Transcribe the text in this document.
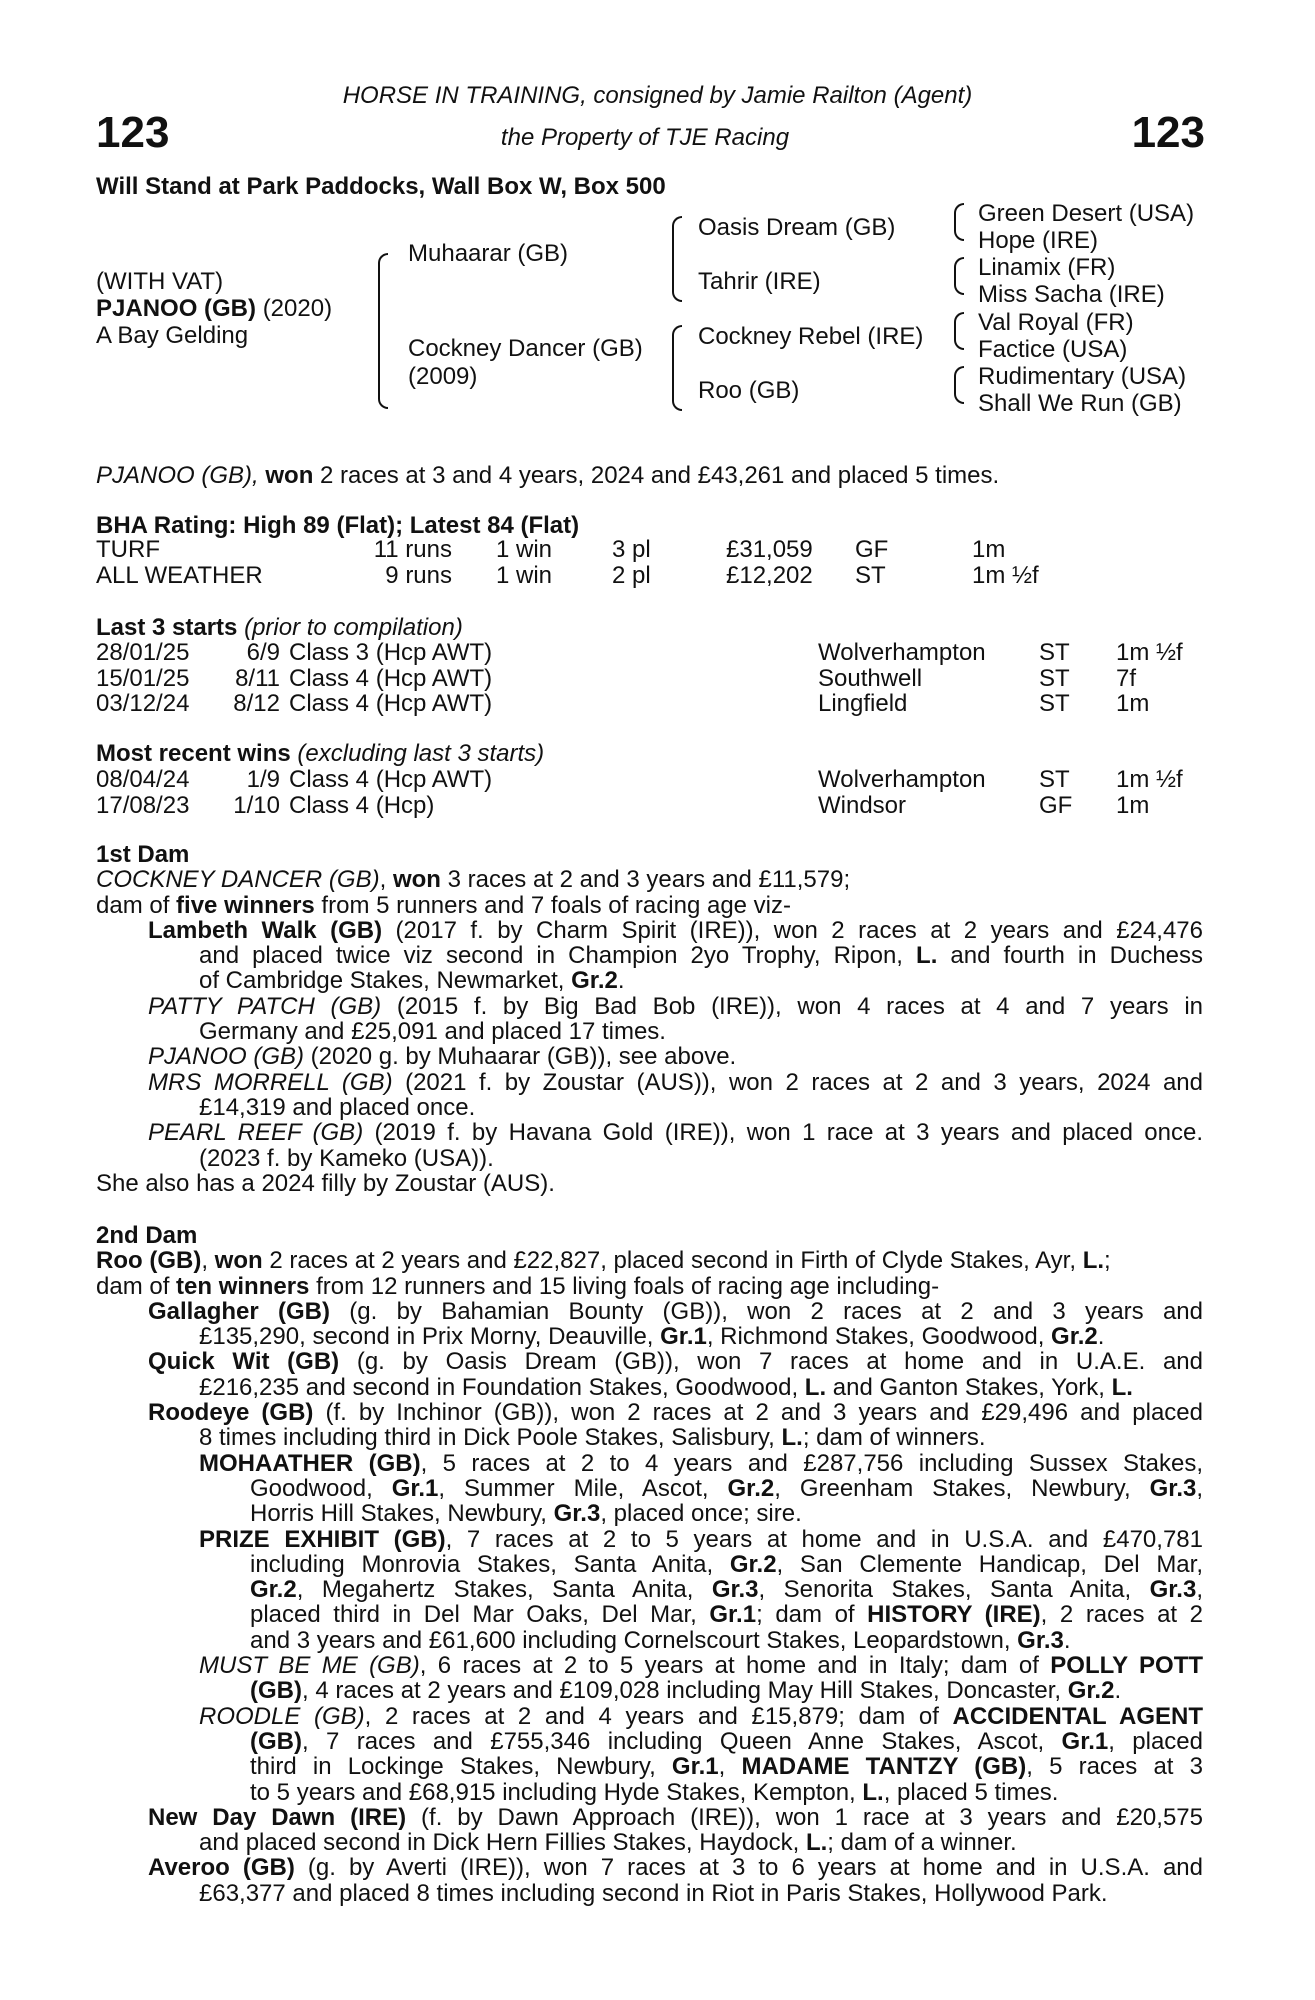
123	123
HORSE IN TRAINING, consigned by Jamie Railton (Agent)
the Property of TJE Racing
Will Stand at Park Paddocks, Wall Box W, Box 500
(WITH VAT)
PJANOO (GB) (2020)
A Bay Gelding
Muhaarar (GB)
Cockney Dancer (GB)
(2009)
Oasis Dream (GB)
Tahrir (IRE)
Cockney Rebel (IRE)
Roo (GB)
Green Desert (USA)
Hope (IRE)
Linamix (FR)
Miss Sacha (IRE)
Val Royal (FR)
Factice (USA)
Rudimentary (USA)
Shall We Run (GB)
PJANOO (GB), won 2 races at 3 and 4 years, 2024 and £43,261 and placed 5 times.
BHA Rating: High 89 (Flat); Latest 84 (Flat)
TURF	11 runs 1 win 3 pl	£31,059 GF	1m
ALL WEATHER	9 runs 1 win 2 pl	£12,202 ST	1m ½f
Last 3 starts (prior to compilation)
28/01/25	6/9 Class 3 (Hcp AWT)	Wolverhampton ST 1m ½f
15/01/25	8/11 Class 4 (Hcp AWT)	Southwell	ST 7f
03/12/24	8/12 Class 4 (Hcp AWT)	Lingfield	ST 1m
Most recent wins (excluding last 3 starts)
08/04/24	1/9 Class 4 (Hcp AWT)	Wolverhampton ST 1m ½f
17/08/23	1/10 Class 4 (Hcp)	Windsor	GF 1m
1st Dam
COCKNEY DANCER (GB), won 3 races at 2 and 3 years and £11,579;
dam of five winners from 5 runners and 7 foals of racing age viz-
Lambeth Walk (GB) (2017 f. by Charm Spirit (IRE)), won 2 races at 2 years and £24,476
and placed twice viz second in Champion 2yo Trophy, Ripon, L. and fourth in Duchess
of Cambridge Stakes, Newmarket, Gr.2.
PATTY PATCH (GB) (2015 f. by Big Bad Bob (IRE)), won 4 races at 4 and 7 years in
Germany and £25,091 and placed 17 times.
PJANOO (GB) (2020 g. by Muhaarar (GB)), see above.
MRS MORRELL (GB) (2021 f. by Zoustar (AUS)), won 2 races at 2 and 3 years, 2024 and
£14,319 and placed once.
PEARL REEF (GB) (2019 f. by Havana Gold (IRE)), won 1 race at 3 years and placed once.
(2023 f. by Kameko (USA)).
She also has a 2024 filly by Zoustar (AUS).
2nd Dam
Roo (GB), won 2 races at 2 years and £22,827, placed second in Firth of Clyde Stakes, Ayr, L.;
dam of ten winners from 12 runners and 15 living foals of racing age including-
Gallagher (GB) (g. by Bahamian Bounty (GB)), won 2 races at 2 and 3 years and
£135,290, second in Prix Morny, Deauville, Gr.1, Richmond Stakes, Goodwood, Gr.2.
Quick Wit (GB) (g. by Oasis Dream (GB)), won 7 races at home and in U.A.E. and
£216,235 and second in Foundation Stakes, Goodwood, L. and Ganton Stakes, York, L.
Roodeye (GB) (f. by Inchinor (GB)), won 2 races at 2 and 3 years and £29,496 and placed
8 times including third in Dick Poole Stakes, Salisbury, L.; dam of winners.
MOHAATHER (GB), 5 races at 2 to 4 years and £287,756 including Sussex Stakes,
Goodwood, Gr.1, Summer Mile, Ascot, Gr.2, Greenham Stakes, Newbury, Gr.3,
Horris Hill Stakes, Newbury, Gr.3, placed once; sire.
PRIZE EXHIBIT (GB), 7 races at 2 to 5 years at home and in U.S.A. and £470,781
including Monrovia Stakes, Santa Anita, Gr.2, San Clemente Handicap, Del Mar,
Gr.2, Megahertz Stakes, Santa Anita, Gr.3, Senorita Stakes, Santa Anita, Gr.3,
placed third in Del Mar Oaks, Del Mar, Gr.1; dam of HISTORY (IRE), 2 races at 2
and 3 years and £61,600 including Cornelscourt Stakes, Leopardstown, Gr.3.
MUST BE ME (GB), 6 races at 2 to 5 years at home and in Italy; dam of POLLY POTT
(GB), 4 races at 2 years and £109,028 including May Hill Stakes, Doncaster, Gr.2.
ROODLE (GB), 2 races at 2 and 4 years and £15,879; dam of ACCIDENTAL AGENT
(GB), 7 races and £755,346 including Queen Anne Stakes, Ascot, Gr.1, placed
third in Lockinge Stakes, Newbury, Gr.1, MADAME TANTZY (GB), 5 races at 3
to 5 years and £68,915 including Hyde Stakes, Kempton, L., placed 5 times.
New Day Dawn (IRE) (f. by Dawn Approach (IRE)), won 1 race at 3 years and £20,575
and placed second in Dick Hern Fillies Stakes, Haydock, L.; dam of a winner.
Averoo (GB) (g. by Averti (IRE)), won 7 races at 3 to 6 years at home and in U.S.A. and
£63,377 and placed 8 times including second in Riot in Paris Stakes, Hollywood Park.
